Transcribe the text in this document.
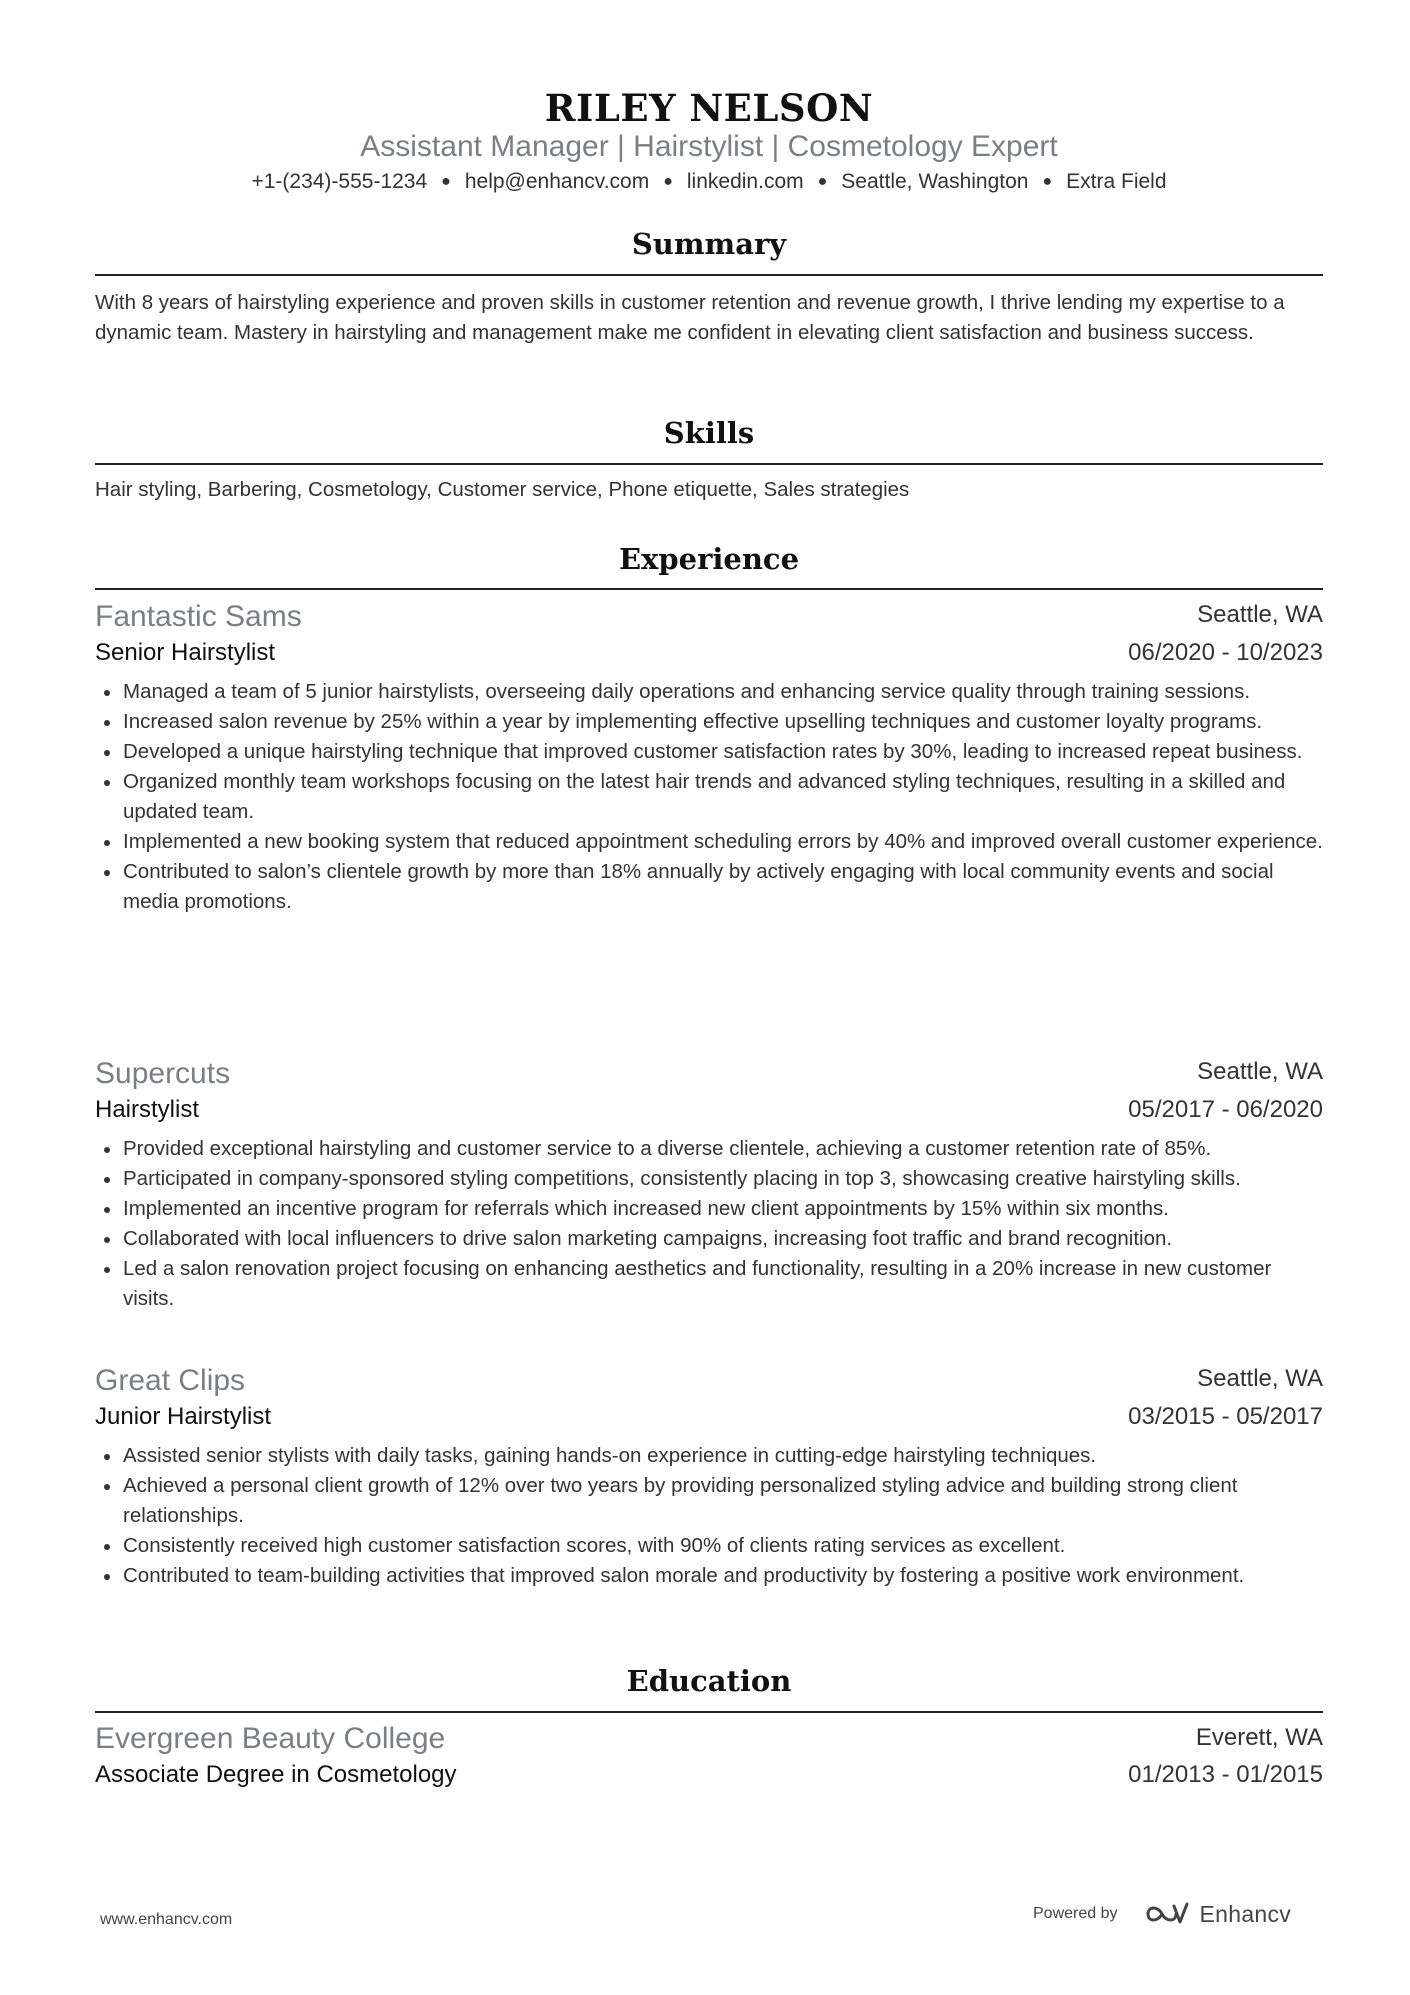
RILEY NELSON
Assistant Manager | Hairstylist | Cosmetology Expert
+1-(234)-555-1234 ● help@enhancv.com ● linkedin.com ● Seattle, Washington ● Extra Field
Summary
With 8 years of hairstyling experience and proven skills in customer retention and revenue growth, I thrive lending my expertise to a dynamic team. Mastery in hairstyling and management make me confident in elevating client satisfaction and business success.
Skills
Hair styling, Barbering, Cosmetology, Customer service, Phone etiquette, Sales strategies
Experience
Fantastic Sams	Seattle, WA
Senior Hairstylist	06/2020 - 10/2023
Managed a team of 5 junior hairstylists, overseeing daily operations and enhancing service quality through training sessions.
Increased salon revenue by 25% within a year by implementing effective upselling techniques and customer loyalty programs.
Developed a unique hairstyling technique that improved customer satisfaction rates by 30%, leading to increased repeat business.
Organized monthly team workshops focusing on the latest hair trends and advanced styling techniques, resulting in a skilled and updated team.
Implemented a new booking system that reduced appointment scheduling errors by 40% and improved overall customer experience.
Contributed to salon’s clientele growth by more than 18% annually by actively engaging with local community events and social media promotions.
Supercuts	Seattle, WA
Hairstylist	05/2017 - 06/2020
Provided exceptional hairstyling and customer service to a diverse clientele, achieving a customer retention rate of 85%.
Participated in company-sponsored styling competitions, consistently placing in top 3, showcasing creative hairstyling skills.
Implemented an incentive program for referrals which increased new client appointments by 15% within six months.
Collaborated with local influencers to drive salon marketing campaigns, increasing foot traffic and brand recognition.
Led a salon renovation project focusing on enhancing aesthetics and functionality, resulting in a 20% increase in new customer visits.
Great Clips	Seattle, WA
Junior Hairstylist	03/2015 - 05/2017
Assisted senior stylists with daily tasks, gaining hands-on experience in cutting-edge hairstyling techniques.
Achieved a personal client growth of 12% over two years by providing personalized styling advice and building strong client relationships.
Consistently received high customer satisfaction scores, with 90% of clients rating services as excellent.
Contributed to team-building activities that improved salon morale and productivity by fostering a positive work environment.
Education
Evergreen Beauty College	Everett, WA
Associate Degree in Cosmetology	01/2013 - 01/2015
www.enhancv.com	Powered by	Enhancv
